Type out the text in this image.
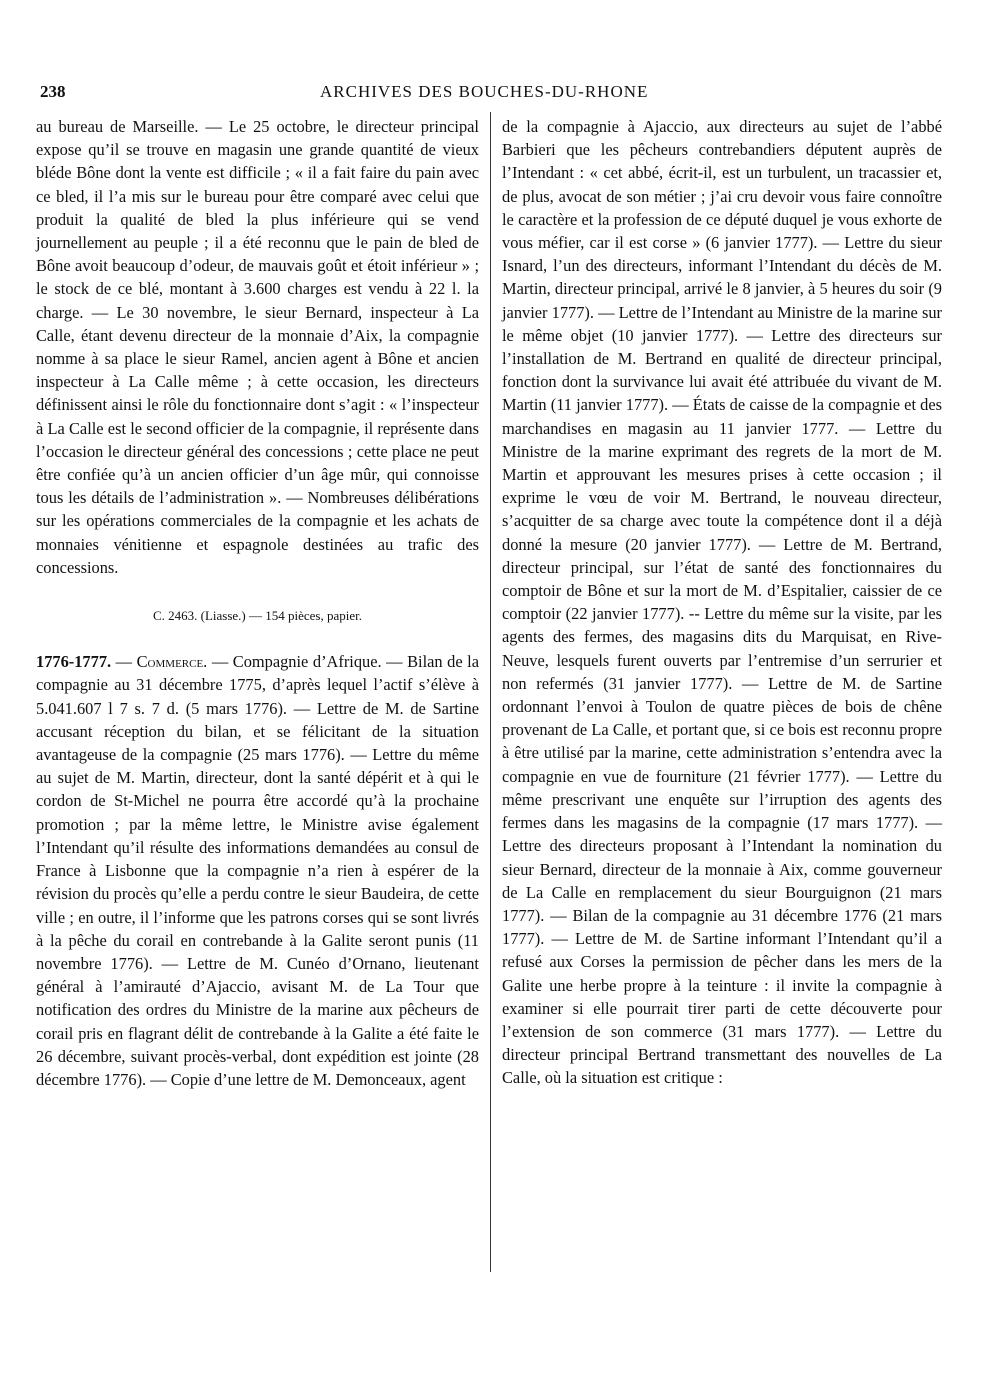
238	ARCHIVES DES BOUCHES-DU-RHONE

au bureau de Marseille. — Le 25 octobre, le directeur principal expose qu’il se trouve en magasin une grande quantité de vieux bléde Bône dont la vente est difficile ; « il a fait faire du pain avec ce bled, il l’a mis sur le bureau pour être comparé avec celui que produit la qualité de bled la plus inférieure qui se vend journellement au peuple ; il a été reconnu que le pain de bled de Bône avoit beaucoup d’odeur, de mauvais goût et étoit inférieur » ; le stock de ce blé, montant à 3.600 charges est vendu à 22 l. la charge. — Le 30 novembre, le sieur Bernard, inspecteur à La Calle, étant devenu directeur de la monnaie d’Aix, la compagnie nomme à sa place le sieur Ramel, ancien agent à Bône et ancien inspecteur à La Calle même ; à cette occasion, les directeurs définissent ainsi le rôle du fonctionnaire dont s’agit : « l’inspecteur à La Calle est le second officier de la compagnie, il représente dans l’occasion le directeur général des concessions ; cette place ne peut être confiée qu’à un ancien officier d’un âge mûr, qui connoisse tous les détails de l’administration ». — Nombreuses délibérations sur les opérations commerciales de la compagnie et les achats de monnaies vénitienne et espagnole destinées au trafic des concessions.

C. 2463. (Liasse.) — 154 pièces, papier.

1776-1777. — Commerce. — Compagnie d’Afrique. — Bilan de la compagnie au 31 décembre 1775, d’après lequel l’actif s’élève à 5.041.607 l 7 s. 7 d. (5 mars 1776). — Lettre de M. de Sartine accusant réception du bilan, et se félicitant de la situation avantageuse de la compagnie (25 mars 1776). — Lettre du même au sujet de M. Martin, directeur, dont la santé dépérit et à qui le cordon de St-Michel ne pourra être accordé qu’à la prochaine promotion ; par la même lettre, le Ministre avise également l’Intendant qu’il résulte des informations demandées au consul de France à Lisbonne que la compagnie n’a rien à espérer de la révision du procès qu’elle a perdu contre le sieur Baudeira, de cette ville ; en outre, il l’informe que les patrons corses qui se sont livrés à la pêche du corail en contrebande à la Galite seront punis (11 novembre 1776). — Lettre de M. Cunéo d’Ornano, lieutenant général à l’amirauté d’Ajaccio, avisant M. de La Tour que notification des ordres du Ministre de la marine aux pêcheurs de corail pris en flagrant délit de contrebande à la Galite a été faite le 26 décembre, suivant procès-verbal, dont expédition est jointe (28 décembre 1776). — Copie d’une lettre de M. Demonceaux, agent

de la compagnie à Ajaccio, aux directeurs au sujet de l’abbé Barbieri que les pêcheurs contrebandiers députent auprès de l’Intendant : « cet abbé, écrit-il, est un turbulent, un tracassier et, de plus, avocat de son métier ; j’ai cru devoir vous faire connoître le caractère et la profession de ce député duquel je vous exhorte de vous méfier, car il est corse » (6 janvier 1777). — Lettre du sieur Isnard, l’un des directeurs, informant l’Intendant du décès de M. Martin, directeur principal, arrivé le 8 janvier, à 5 heures du soir (9 janvier 1777). — Lettre de l’Intendant au Ministre de la marine sur le même objet (10 janvier 1777). — Lettre des directeurs sur l’installation de M. Bertrand en qualité de directeur principal, fonction dont la survivance lui avait été attribuée du vivant de M. Martin (11 janvier 1777). — États de caisse de la compagnie et des marchandises en magasin au 11 janvier 1777. — Lettre du Ministre de la marine exprimant des regrets de la mort de M. Martin et approuvant les mesures prises à cette occasion ; il exprime le vœu de voir M. Bertrand, le nouveau directeur, s’acquitter de sa charge avec toute la compétence dont il a déjà donné la mesure (20 janvier 1777). — Lettre de M. Bertrand, directeur principal, sur l’état de santé des fonctionnaires du comptoir de Bône et sur la mort de M. d’Espitalier, caissier de ce comptoir (22 janvier 1777). -- Lettre du même sur la visite, par les agents des fermes, des magasins dits du Marquisat, en Rive-Neuve, lesquels furent ouverts par l’entremise d’un serrurier et non refermés (31 janvier 1777). — Lettre de M. de Sartine ordonnant l’envoi à Toulon de quatre pièces de bois de chêne provenant de La Calle, et portant que, si ce bois est reconnu propre à être utilisé par la marine, cette administration s’entendra avec la compagnie en vue de fourniture (21 février 1777). — Lettre du même prescrivant une enquête sur l’irruption des agents des fermes dans les magasins de la compagnie (17 mars 1777). — Lettre des directeurs proposant à l’Intendant la nomination du sieur Bernard, directeur de la monnaie à Aix, comme gouverneur de La Calle en remplacement du sieur Bourguignon (21 mars 1777). — Bilan de la compagnie au 31 décembre 1776 (21 mars 1777). — Lettre de M. de Sartine informant l’Intendant qu’il a refusé aux Corses la permission de pêcher dans les mers de la Galite une herbe propre à la teinture : il invite la compagnie à examiner si elle pourrait tirer parti de cette découverte pour l’extension de son commerce (31 mars 1777). — Lettre du directeur principal Bertrand transmettant des nouvelles de La Calle, où la situation est critique :
